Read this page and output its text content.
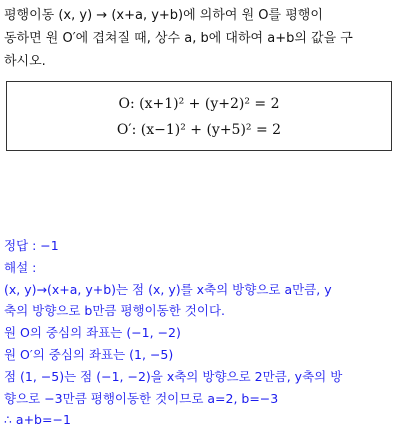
평행이동 (x, y) → (x+a, y+b)에 의하여 원 O를 평행이
동하면 원 O′에 겹쳐질 때, 상수 a, b에 대하여 a+b의 값을 구
하시오.
O: (x+1)² + (y+2)² = 2
O′: (x−1)² + (y+5)² = 2
정답 : −1
해설 :
(x, y)→(x+a, y+b)는 점 (x, y)를 x축의 방향으로 a만큼, y
축의 방향으로 b만큼 평행이동한 것이다.
원 O의 중심의 좌표는 (−1, −2)
원 O′의 중심의 좌표는 (1, −5)
점 (1, −5)는 점 (−1, −2)을 x축의 방향으로 2만큼, y축의 방
향으로 −3만큼 평행이동한 것이므로 a=2, b=−3
∴ a+b=−1
